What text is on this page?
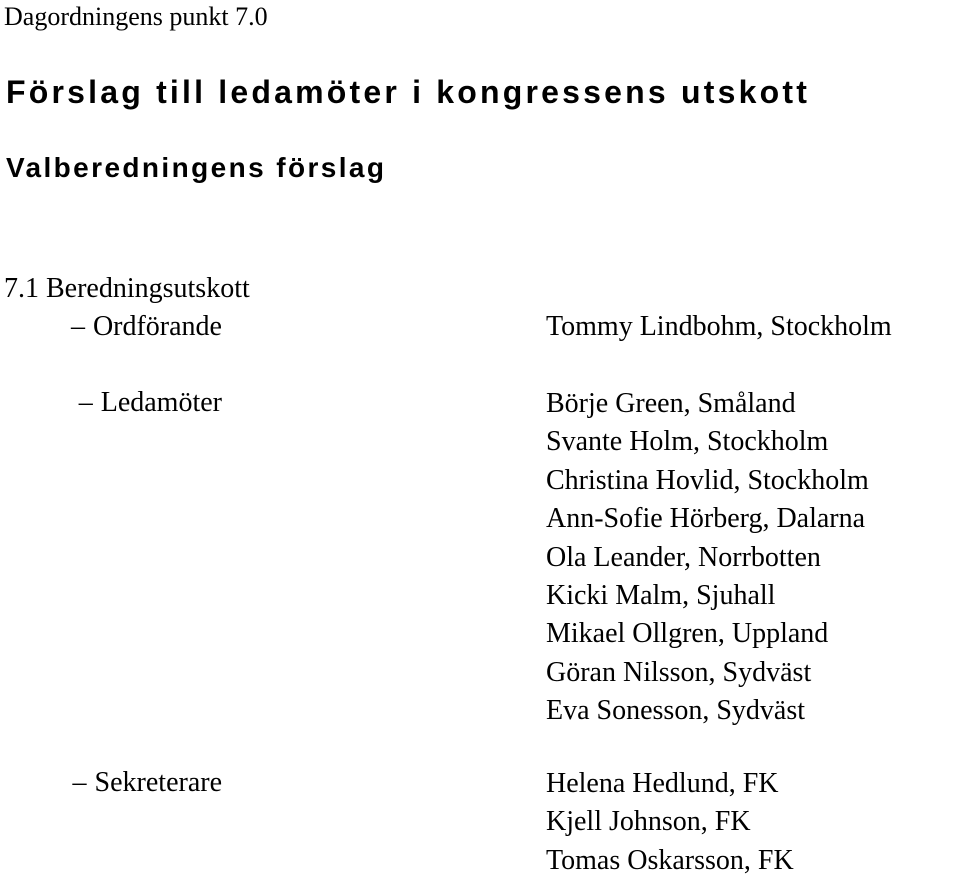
Dagordningens punkt 7.0
Förslag till ledamöter i kongressens utskott
Valberedningens förslag
7.1 Beredningsutskott
– Ordförande	Tommy Lindbohm, Stockholm
– Ledamöter	Börje Green, Småland
Svante Holm, Stockholm
Christina Hovlid, Stockholm
Ann-Sofie Hörberg, Dalarna
Ola Leander, Norrbotten
Kicki Malm, Sjuhall
Mikael Ollgren, Uppland
Göran Nilsson, Sydväst
Eva Sonesson, Sydväst
– Sekreterare	Helena Hedlund, FK
Kjell Johnson, FK
Tomas Oskarsson, FK
